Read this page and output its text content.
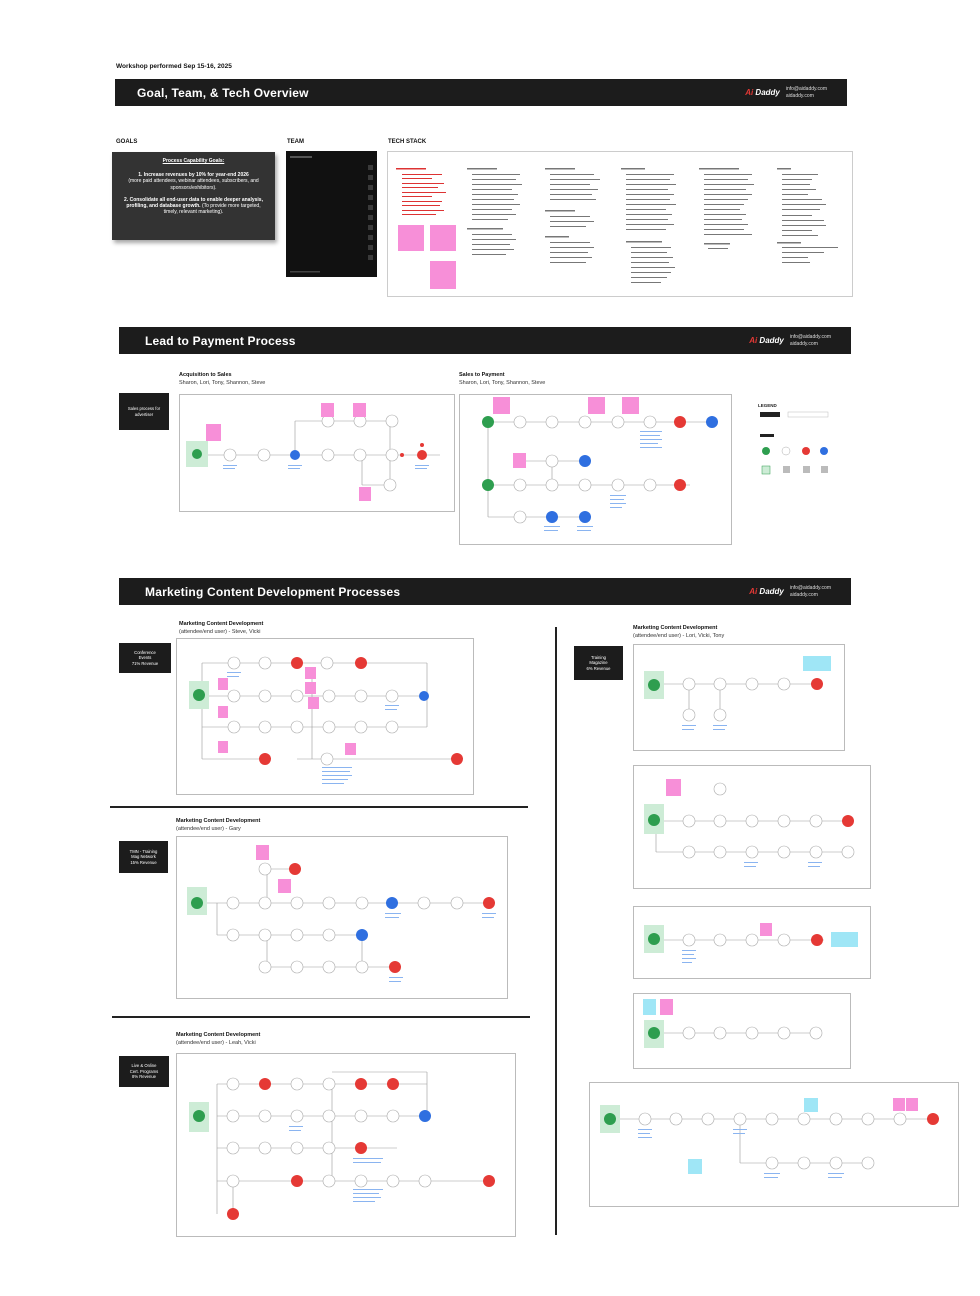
Workshop performed Sep 15-16, 2025
Goal, Team, & Tech Overview	Ai Daddy info@aidaddy.com
aidaddy.com
GOALS	TEAM	TECH STACK
Process Capability Goals:

1. Increase revenues by 10% for year-end 2026
(more paid attendees, webinar attendees, subscribers, and sponsors/exhibitors).

2. Consolidate all end-user data to enable deeper analysis, profiling, and database growth. (To provide more targeted, timely, relevant marketing).

Lead to Payment Process	Ai Daddy info@aidaddy.com
aidaddy.com
Sales process for advertiser
Acquisition to Sales
Sharon, Lori, Tony, Shannon, Steve
Sales to Payment
Sharon, Lori, Tony, Shannon, Steve
LEGEND
Marketing Content Development Processes	Ai Daddy info@aidaddy.com
aidaddy.com
Conference
Events
71% Revenue
Marketing Content Development
(attendee/end user) - Steve, Vicki
TMN - Training
Mag Network
15% Revenue
Marketing Content Development
(attendee/end user) - Gary
Live & Online
Cert. Programs
8% Revenue
Marketing Content Development
(attendee/end user) - Leah, Vicki
Training
Magazine
6% Revenue
Marketing Content Development
(attendee/end user) - Lori, Vicki, Tony
